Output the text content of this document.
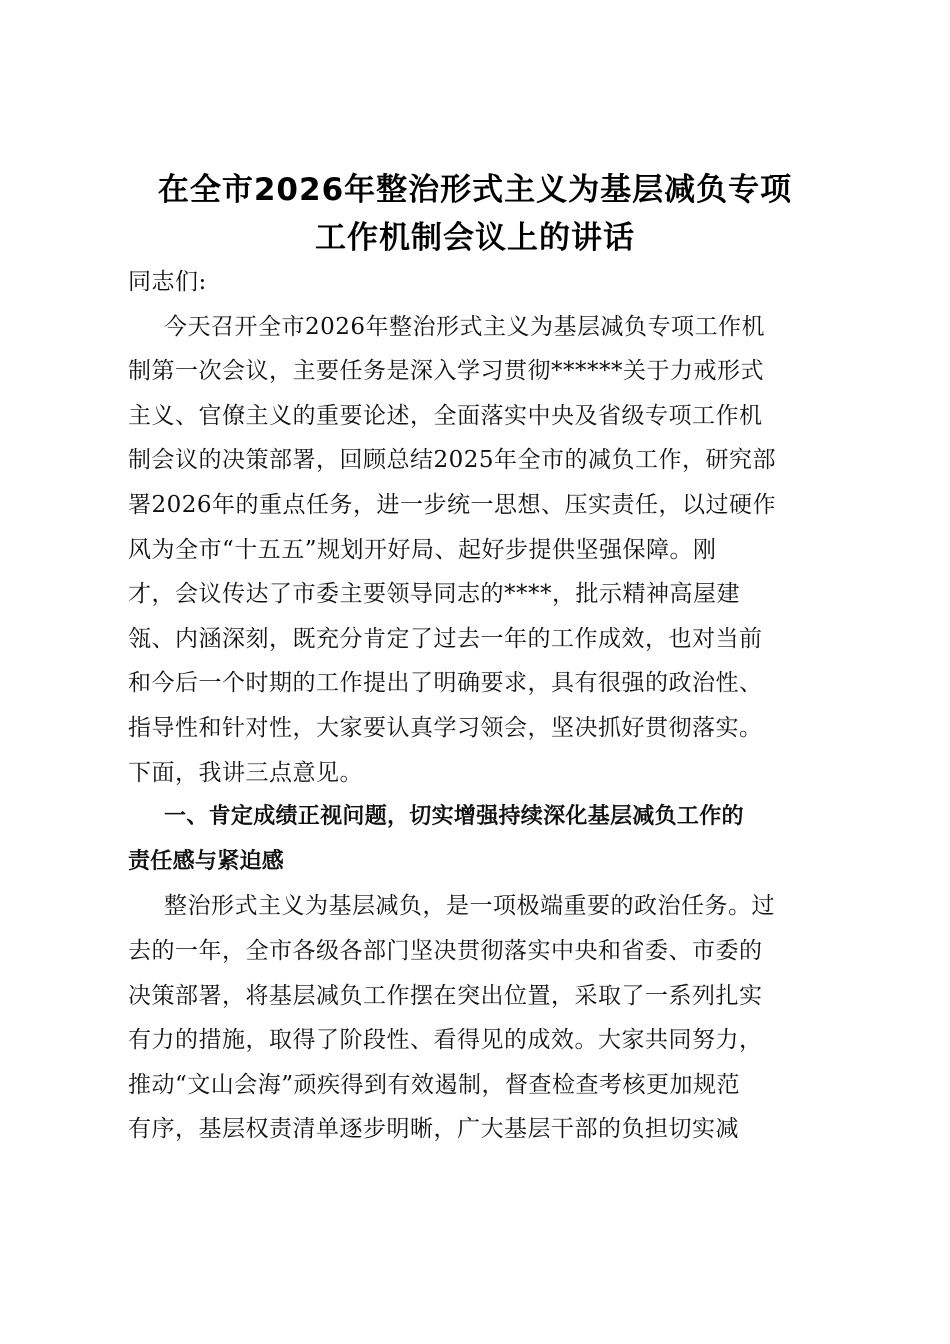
在全市2026年整治形式主义为基层减负专项
工作机制会议上的讲话

同志们:

今天召开全市2026年整治形式主义为基层减负专项工作机
制第一次会议，主要任务是深入学习贯彻******关于力戒形式
主义、官僚主义的重要论述，全面落实中央及省级专项工作机
制会议的决策部署，回顾总结2025年全市的减负工作，研究部
署2026年的重点任务，进一步统一思想、压实责任，以过硬作
风为全市“十五五”规划开好局、起好步提供坚强保障。刚
才，会议传达了市委主要领导同志的****，批示精神高屋建
瓴、内涵深刻，既充分肯定了过去一年的工作成效，也对当前
和今后一个时期的工作提出了明确要求，具有很强的政治性、
指导性和针对性，大家要认真学习领会，坚决抓好贯彻落实。
下面，我讲三点意见。

一、肯定成绩正视问题，切实增强持续深化基层减负工作的
责任感与紧迫感

整治形式主义为基层减负，是一项极端重要的政治任务。过
去的一年，全市各级各部门坚决贯彻落实中央和省委、市委的
决策部署，将基层减负工作摆在突出位置，采取了一系列扎实
有力的措施，取得了阶段性、看得见的成效。大家共同努力，
推动“文山会海”顽疾得到有效遏制，督查检查考核更加规范
有序，基层权责清单逐步明晰，广大基层干部的负担切实减
